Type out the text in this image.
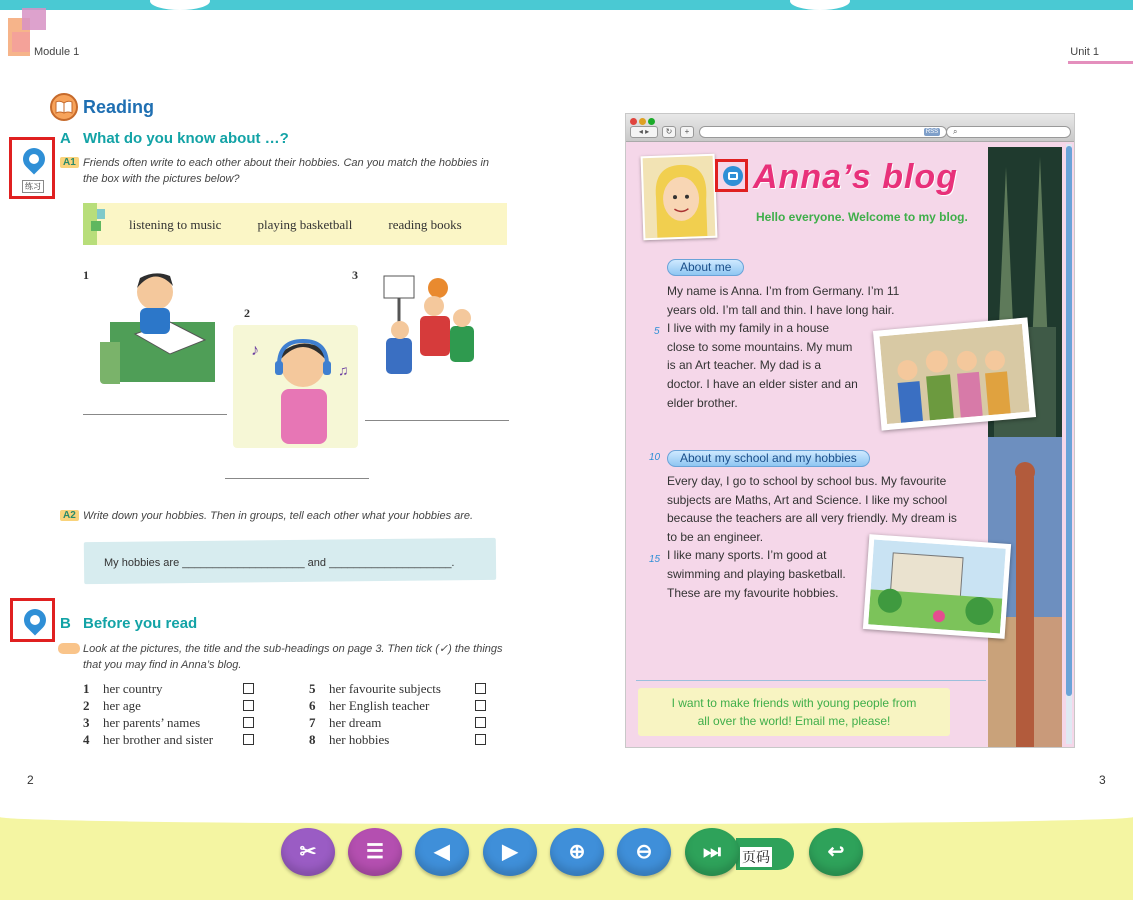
Module 1	Unit 1
Reading
练习
A What do you know about …?
A1 Friends often write to each other about their hobbies. Can you match the hobbies in the box with the pictures below?
listening to music	playing basketball	reading books
1
2
♪
♫
3
A2 Write down your hobbies. Then in groups, tell each other what your hobbies are.
My hobbies are ____________________ and ____________________.
B Before you read
Look at the pictures, the title and the sub-headings on page 3. Then tick (✓) the things that you may find in Anna’s blog.
1	her country
2	her age
3	her parents’ names
4	her brother and sister
5	her favourite subjects
6	her English teacher
7	her dream
8	her hobbies
2	3
◂ ▸	↻	+	RSS	⌕
Anna’s blog
Hello everyone. Welcome to my blog.
About me
My name is Anna. I’m from Germany. I’m 11
years old. I’m tall and thin. I have long hair.
I live with my family in a house
close to some mountains. My mum
is an Art teacher. My dad is a
doctor. I have an elder sister and an
elder brother.
5
10	About my school and my hobbies
Every day, I go to school by school bus. My favourite
subjects are Maths, Art and Science. I like my school
because the teachers are all very friendly. My dream is
to be an engineer.
I like many sports. I’m good at
swimming and playing basketball.
These are my favourite hobbies.
15
I want to make friends with young people from
all over the world! Email me, please!
✂ ☰	◀	▶	⊕	⊖	⏭ 页码	↩
